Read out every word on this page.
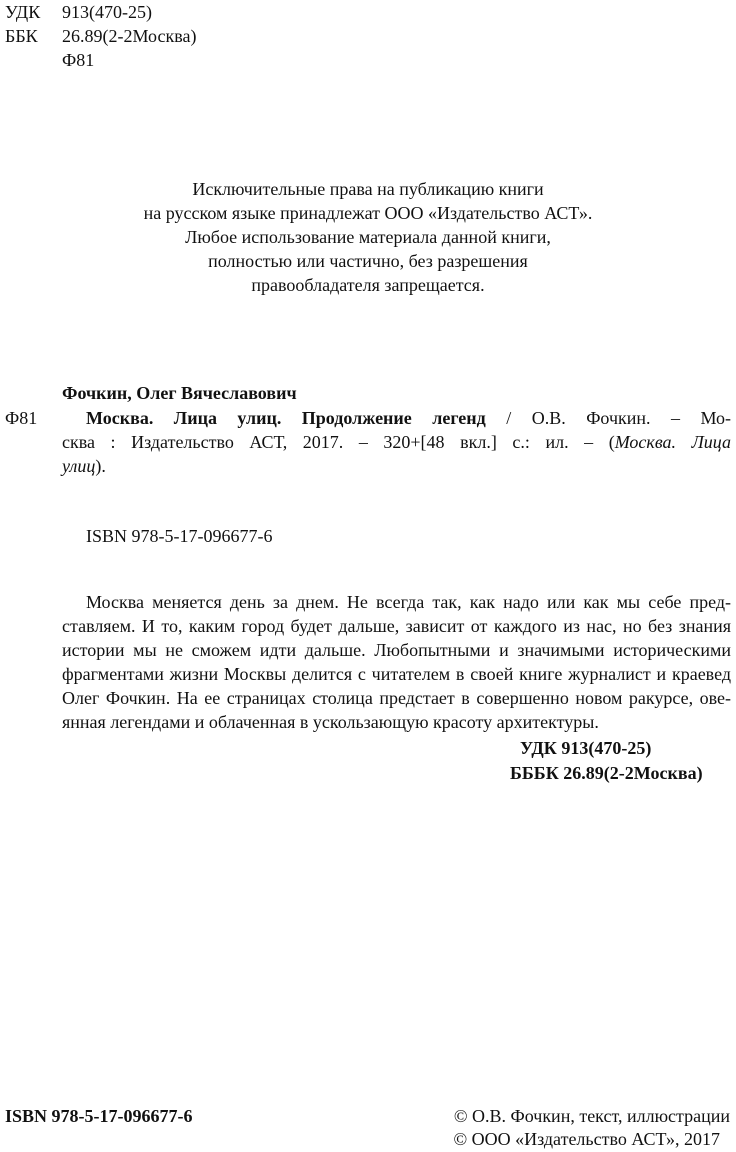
УДК 913(470-25)
ББК 26.89(2-2Москва)
Ф81
Исключительные права на публикацию книги
на русском языке принадлежат ООО «Издательство АСТ».
Любое использование материала данной книги,
полностью или частично, без разрешения
правообладателя запрещается.
Фочкин, Олег Вячеславович
Ф81	Москва. Лица улиц. Продолжение легенд / О.В. Фочкин. – Мо-
сква : Издательство АСТ, 2017. – 320+[48 вкл.] с.: ил. – (Москва. Лица
улиц).
ISBN 978-5-17-096677-6
Москва меняется день за днем. Не всегда так, как надо или как мы себе пред-
ставляем. И то, каким город будет дальше, зависит от каждого из нас, но без знания
истории мы не сможем идти дальше. Любопытными и значимыми историческими
фрагментами жизни Москвы делится с читателем в своей книге журналист и краевед
Олег Фочкин. На ее страницах столица предстает в совершенно новом ракурсе, ове-
янная легендами и облаченная в ускользающую красоту архитектуры.
УДК 913(470-25)
БББК 26.89(2-2Москва)
ISBN 978-5-17-096677-6	© О.В. Фочкин, текст, иллюстрации
© ООО «Издательство АСТ», 2017
